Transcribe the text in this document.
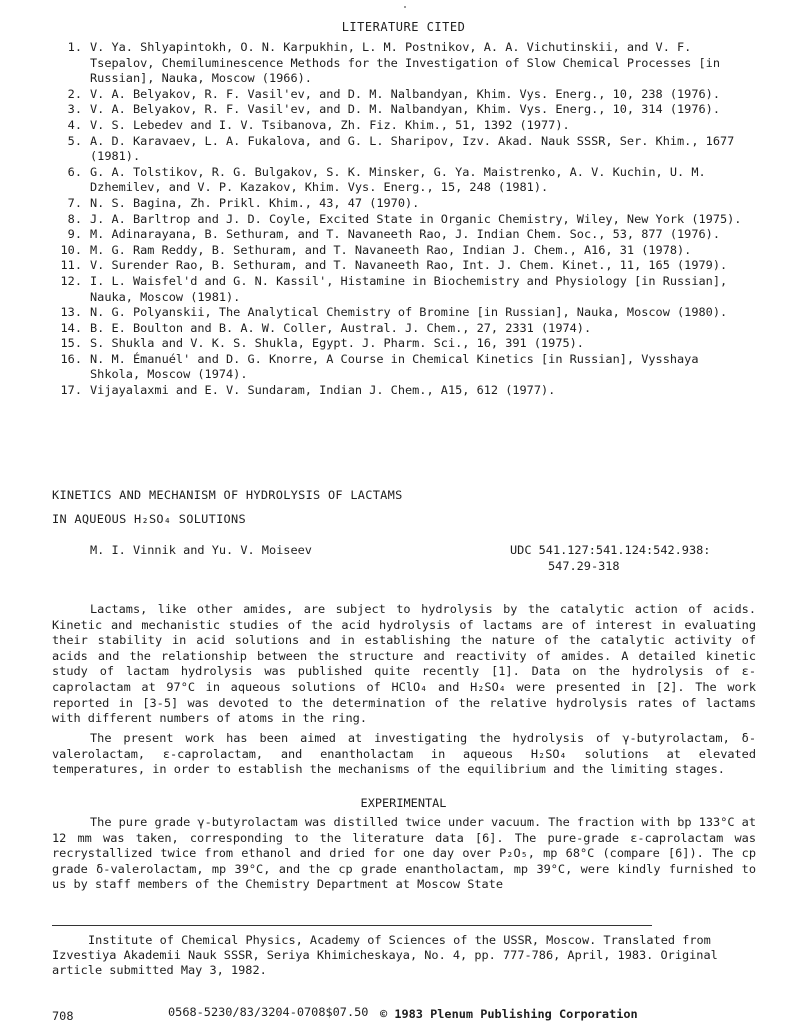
LITERATURE CITED
1. V. Ya. Shlyapintokh, O. N. Karpukhin, L. M. Postnikov, A. A. Vichutinskii, and V. F. Tsepalov, Chemiluminescence Methods for the Investigation of Slow Chemical Processes [in Russian], Nauka, Moscow (1966).
2. V. A. Belyakov, R. F. Vasil'ev, and D. M. Nalbandyan, Khim. Vys. Energ., 10, 238 (1976).
3. V. A. Belyakov, R. F. Vasil'ev, and D. M. Nalbandyan, Khim. Vys. Energ., 10, 314 (1976).
4. V. S. Lebedev and I. V. Tsibanova, Zh. Fiz. Khim., 51, 1392 (1977).
5. A. D. Karavaev, L. A. Fukalova, and G. L. Sharipov, Izv. Akad. Nauk SSSR, Ser. Khim., 1677 (1981).
6. G. A. Tolstikov, R. G. Bulgakov, S. K. Minsker, G. Ya. Maistrenko, A. V. Kuchin, U. M. Dzhemilev, and V. P. Kazakov, Khim. Vys. Energ., 15, 248 (1981).
7. N. S. Bagina, Zh. Prikl. Khim., 43, 47 (1970).
8. J. A. Barltrop and J. D. Coyle, Excited State in Organic Chemistry, Wiley, New York (1975).
9. M. Adinarayana, B. Sethuram, and T. Navaneeth Rao, J. Indian Chem. Soc., 53, 877 (1976).
10. M. G. Ram Reddy, B. Sethuram, and T. Navaneeth Rao, Indian J. Chem., A16, 31 (1978).
11. V. Surender Rao, B. Sethuram, and T. Navaneeth Rao, Int. J. Chem. Kinet., 11, 165 (1979).
12. I. L. Waisfel'd and G. N. Kassil', Histamine in Biochemistry and Physiology [in Russian], Nauka, Moscow (1981).
13. N. G. Polyanskii, The Analytical Chemistry of Bromine [in Russian], Nauka, Moscow (1980).
14. B. E. Boulton and B. A. W. Coller, Austral. J. Chem., 27, 2331 (1974).
15. S. Shukla and V. K. S. Shukla, Egypt. J. Pharm. Sci., 16, 391 (1975).
16. N. M. Émanuél' and D. G. Knorre, A Course in Chemical Kinetics [in Russian], Vysshaya Shkola, Moscow (1974).
17. Vijayalaxmi and E. V. Sundaram, Indian J. Chem., A15, 612 (1977).
KINETICS AND MECHANISM OF HYDROLYSIS OF LACTAMS
IN AQUEOUS H₂SO₄ SOLUTIONS
M. I. Vinnik and Yu. V. Moiseev	UDC 541.127:541.124:542.938:
547.29-318

Lactams, like other amides, are subject to hydrolysis by the catalytic action of acids. Kinetic and mechanistic studies of the acid hydrolysis of lactams are of interest in evaluating their stability in acid solutions and in establishing the nature of the catalytic activity of acids and the relationship between the structure and reactivity of amides. A detailed kinetic study of lactam hydrolysis was published quite recently [1]. Data on the hydrolysis of ε-caprolactam at 97°C in aqueous solutions of HClO₄ and H₂SO₄ were presented in [2]. The work reported in [3-5] was devoted to the determination of the relative hydrolysis rates of lactams with different numbers of atoms in the ring.

The present work has been aimed at investigating the hydrolysis of γ-butyrolactam, δ-valerolactam, ε-caprolactam, and enantholactam in aqueous H₂SO₄ solutions at elevated temperatures, in order to establish the mechanisms of the equilibrium and the limiting stages.

EXPERIMENTAL

The pure grade γ-butyrolactam was distilled twice under vacuum. The fraction with bp 133°C at 12 mm was taken, corresponding to the literature data [6]. The pure-grade ε-caprolactam was recrystallized twice from ethanol and dried for one day over P₂O₅, mp 68°C (compare [6]). The cp grade δ-valerolactam, mp 39°C, and the cp grade enantholactam, mp 39°C, were kindly furnished to us by staff members of the Chemistry Department at Moscow State

Institute of Chemical Physics, Academy of Sciences of the USSR, Moscow. Translated from Izvestiya Akademii Nauk SSSR, Seriya Khimicheskaya, No. 4, pp. 777-786, April, 1983. Original article submitted May 3, 1982.

708	0568-5230/83/3204-0708$07.50 © 1983 Plenum Publishing Corporation
